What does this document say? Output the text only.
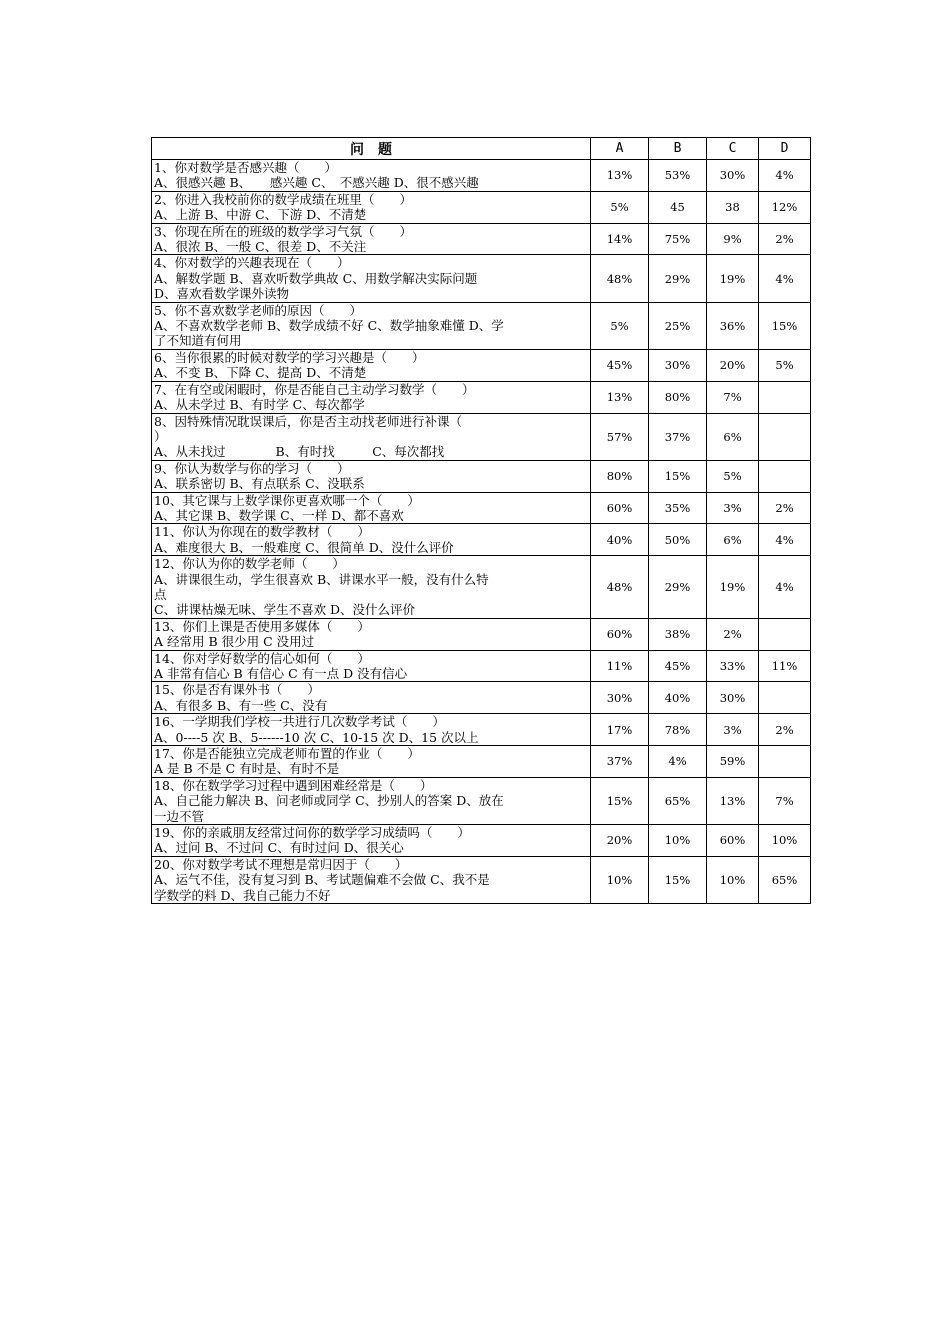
问　题	A	B	C	D

1、你对数学是否感兴趣（　　）
A、很感兴趣 B、　　感兴趣 C、　不感兴趣 D、很不感兴趣	13%	53%	30%	4%

2、你进入我校前你的数学成绩在班里（　　）
A、上游 B、中游 C、下游 D、不清楚	5%	45	38	12%

3、你现在所在的班级的数学学习气氛（　　）
A、很浓 B、一般 C、很差 D、不关注	14%	75%	9%	2%

4、你对数学的兴趣表现在（　　）
A、解数学题 B、喜欢听数学典故 C、用数学解决实际问题
D、喜欢看数学课外读物	48%	29%	19%	4%

5、你不喜欢数学老师的原因（　　）
A、不喜欢数学老师 B、数学成绩不好 C、数学抽象难懂 D、学
了不知道有何用	5%	25%	36%	15%

6、当你很累的时候对数学的学习兴趣是（　　）
A、不变 B、下降 C、提高 D、不清楚	45%	30%	20%	5%

7、在有空或闲暇时，你是否能自己主动学习数学（　　）
A、从未学过 B、有时学 C、每次都学	13%	80%	7%	

8、因特殊情况耽误课后，你是否主动找老师进行补课（
）
A、从未找过　　　　B、有时找　　　C、每次都找	57%	37%	6%	

9、你认为数学与你的学习（　　）
A、联系密切 B、有点联系 C、没联系	80%	15%	5%	

10、其它课与上数学课你更喜欢哪一个（　　）
A、其它课 B、数学课 C、一样 D、都不喜欢	60%	35%	3%	2%

11、你认为你现在的数学教材（　　）
A、难度很大 B、一般难度 C、很简单 D、没什么评价	40%	50%	6%	4%

12、你认为你的数学老师（　　）
A、讲课很生动，学生很喜欢 B、讲课水平一般，没有什么特
点
C、讲课枯燥无味、学生不喜欢 D、没什么评价	48%	29%	19%	4%

13、你们上课是否使用多媒体（　　）
A 经常用 B 很少用 C 没用过	60%	38%	2%	

14、你对学好数学的信心如何（　　）
A 非常有信心 B 有信心 C 有一点 D 没有信心	11%	45%	33%	11%

15、你是否有课外书（　　）
A、有很多 B、有一些 C、没有	30%	40%	30%	

16、一学期我们学校一共进行几次数学考试（　　）
A、0----5 次 B、5------10 次 C、10-15 次 D、15 次以上	17%	78%	3%	2%

17、你是否能独立完成老师布置的作业（　　）
A 是 B 不是 C 有时是、有时不是	37%	4%	59%	

18、你在数学学习过程中遇到困难经常是（　　）
A、自己能力解决 B、问老师或同学 C、抄别人的答案 D、放在
一边不管	15%	65%	13%	7%

19、你的亲戚朋友经常过问你的数学学习成绩吗（　　）
A、过问 B、不过问 C、有时过问 D、很关心	20%	10%	60%	10%

20、你对数学考试不理想是常归因于（　　）
A、运气不佳，没有复习到 B、考试题偏难不会做 C、我不是
学数学的料 D、我自己能力不好	10%	15%	10%	65%
